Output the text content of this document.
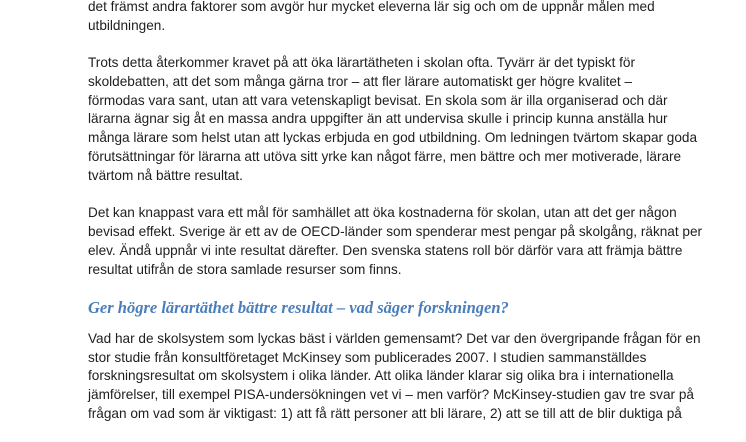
det främst andra faktorer som avgör hur mycket eleverna lär sig och om de uppnår målen med
utbildningen.

Trots detta återkommer kravet på att öka lärartätheten i skolan ofta. Tyvärr är det typiskt för
skoldebatten, att det som många gärna tror – att fler lärare automatiskt ger högre kvalitet –
förmodas vara sant, utan att vara vetenskapligt bevisat. En skola som är illa organiserad och där
lärarna ägnar sig åt en massa andra uppgifter än att undervisa skulle i princip kunna anställa hur
många lärare som helst utan att lyckas erbjuda en god utbildning. Om ledningen tvärtom skapar goda
förutsättningar för lärarna att utöva sitt yrke kan något färre, men bättre och mer motiverade, lärare
tvärtom nå bättre resultat.

Det kan knappast vara ett mål för samhället att öka kostnaderna för skolan, utan att det ger någon
bevisad effekt. Sverige är ett av de OECD-länder som spenderar mest pengar på skolgång, räknat per
elev. Ändå uppnår vi inte resultat därefter. Den svenska statens roll bör därför vara att främja bättre
resultat utifrån de stora samlade resurser som finns.

Ger högre lärartäthet bättre resultat – vad säger forskningen?

Vad har de skolsystem som lyckas bäst i världen gemensamt? Det var den övergripande frågan för en
stor studie från konsultföretaget McKinsey som publicerades 2007. I studien sammanställdes
forskningsresultat om skolsystem i olika länder. Att olika länder klarar sig olika bra i internationella
jämförelser, till exempel PISA-undersökningen vet vi – men varför? McKinsey-studien gav tre svar på
frågan om vad som är viktigast: 1) att få rätt personer att bli lärare, 2) att se till att de blir duktiga på
